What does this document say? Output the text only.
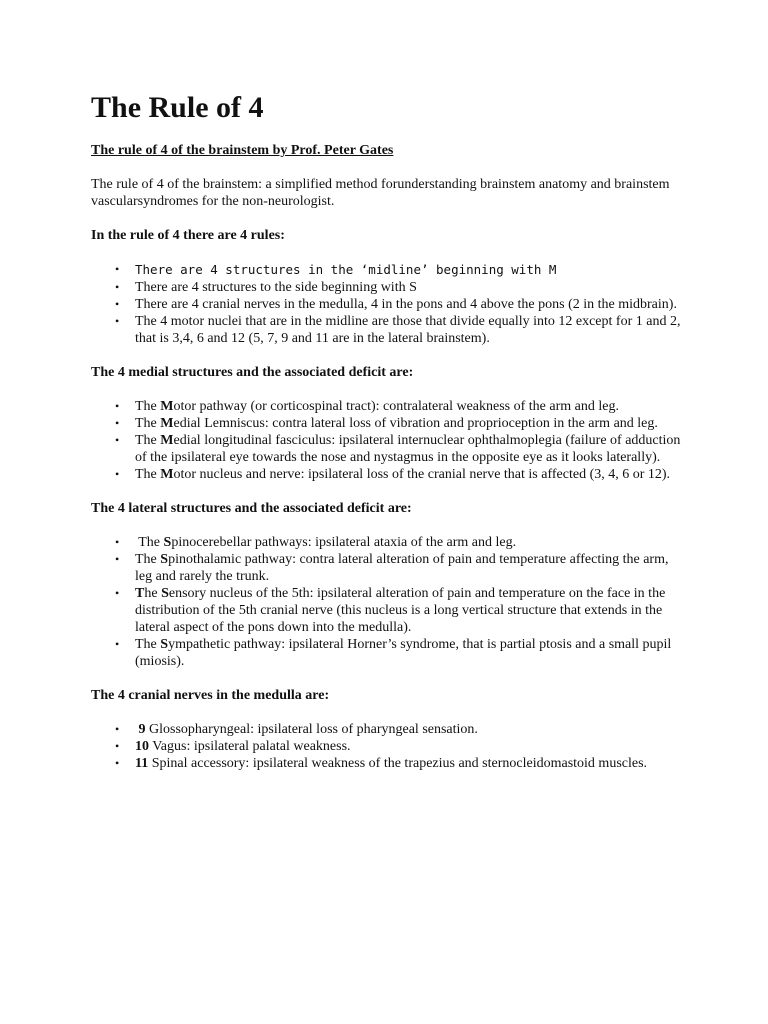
The Rule of 4
The rule of 4 of the brainstem by Prof. Peter Gates

The rule of 4 of the brainstem: a simplified method forunderstanding brainstem anatomy and brainstem vascularsyndromes for the non-neurologist.

In the rule of 4 there are 4 rules:
• There are 4 structures in the ‘midline’ beginning with M
• There are 4 structures to the side beginning with S
• There are 4 cranial nerves in the medulla, 4 in the pons and 4 above the pons (2 in the midbrain).
• The 4 motor nuclei that are in the midline are those that divide equally into 12 except for 1 and 2, that is 3,4, 6 and 12 (5, 7, 9 and 11 are in the lateral brainstem).
The 4 medial structures and the associated deficit are:
• The Motor pathway (or corticospinal tract): contralateral weakness of the arm and leg.
• The Medial Lemniscus: contra lateral loss of vibration and proprioception in the arm and leg.
• The Medial longitudinal fasciculus: ipsilateral internuclear ophthalmoplegia (failure of adduction of the ipsilateral eye towards the nose and nystagmus in the opposite eye as it looks laterally).
• The Motor nucleus and nerve: ipsilateral loss of the cranial nerve that is affected (3, 4, 6 or 12).
The 4 lateral structures and the associated deficit are:
•  The Spinocerebellar pathways: ipsilateral ataxia of the arm and leg.
• The Spinothalamic pathway: contra lateral alteration of pain and temperature affecting the arm, leg and rarely the trunk.
• The Sensory nucleus of the 5th: ipsilateral alteration of pain and temperature on the face in the distribution of the 5th cranial nerve (this nucleus is a long vertical structure that extends in the lateral aspect of the pons down into the medulla).
• The Sympathetic pathway: ipsilateral Horner’s syndrome, that is partial ptosis and a small pupil (miosis).
The 4 cranial nerves in the medulla are:
•  9 Glossopharyngeal: ipsilateral loss of pharyngeal sensation.
• 10 Vagus: ipsilateral palatal weakness.
• 11 Spinal accessory: ipsilateral weakness of the trapezius and sternocleidomastoid muscles.
